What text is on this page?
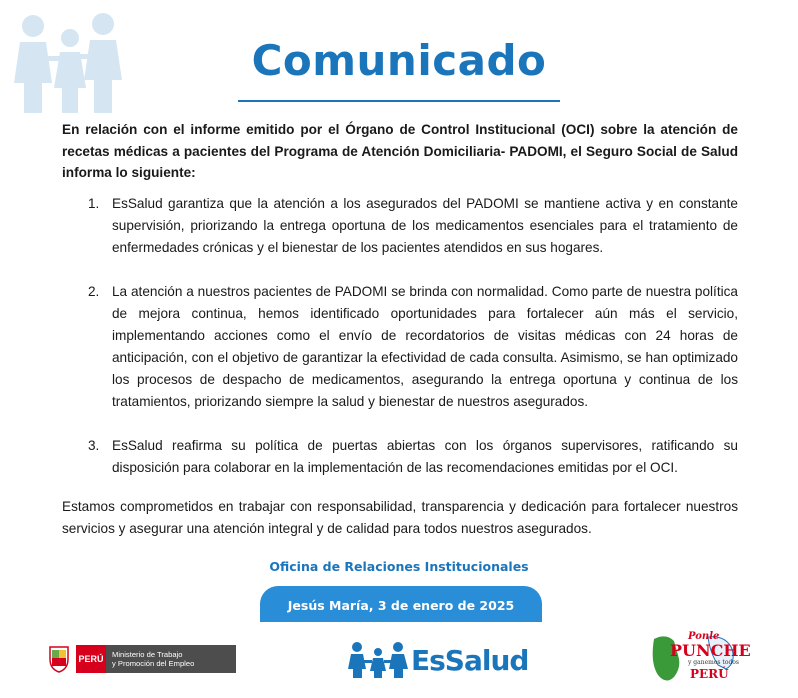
Comunicado

En relación con el informe emitido por el Órgano de Control Institucional (OCI) sobre la atención de recetas médicas a pacientes del Programa de Atención Domiciliaria- PADOMI, el Seguro Social de Salud informa lo siguiente:

1. EsSalud garantiza que la atención a los asegurados del PADOMI se mantiene activa y en constante supervisión, priorizando la entrega oportuna de los medicamentos esenciales para el tratamiento de enfermedades crónicas y el bienestar de los pacientes atendidos en sus hogares.
2. La atención a nuestros pacientes de PADOMI se brinda con normalidad. Como parte de nuestra política de mejora continua, hemos identificado oportunidades para fortalecer aún más el servicio, implementando acciones como el envío de recordatorios de visitas médicas con 24 horas de anticipación, con el objetivo de garantizar la efectividad de cada consulta. Asimismo, se han optimizado los procesos de despacho de medicamentos, asegurando la entrega oportuna y continua de los tratamientos, priorizando siempre la salud y bienestar de nuestros asegurados.
3. EsSalud reafirma su política de puertas abiertas con los órganos supervisores, ratificando su disposición para colaborar en la implementación de las recomendaciones emitidas por el OCI.

Estamos comprometidos en trabajar con responsabilidad, transparencia y dedicación para fortalecer nuestros servicios y asegurar una atención integral y de calidad para todos nuestros asegurados.

Oficina de Relaciones Institucionales
Jesús María, 3 de enero de 2025
PERÚ	Ministerio de Trabajo
y Promoción del Empleo	EsSalud
Ponle
PUNCHE
y ganemos todos
PERÚ
